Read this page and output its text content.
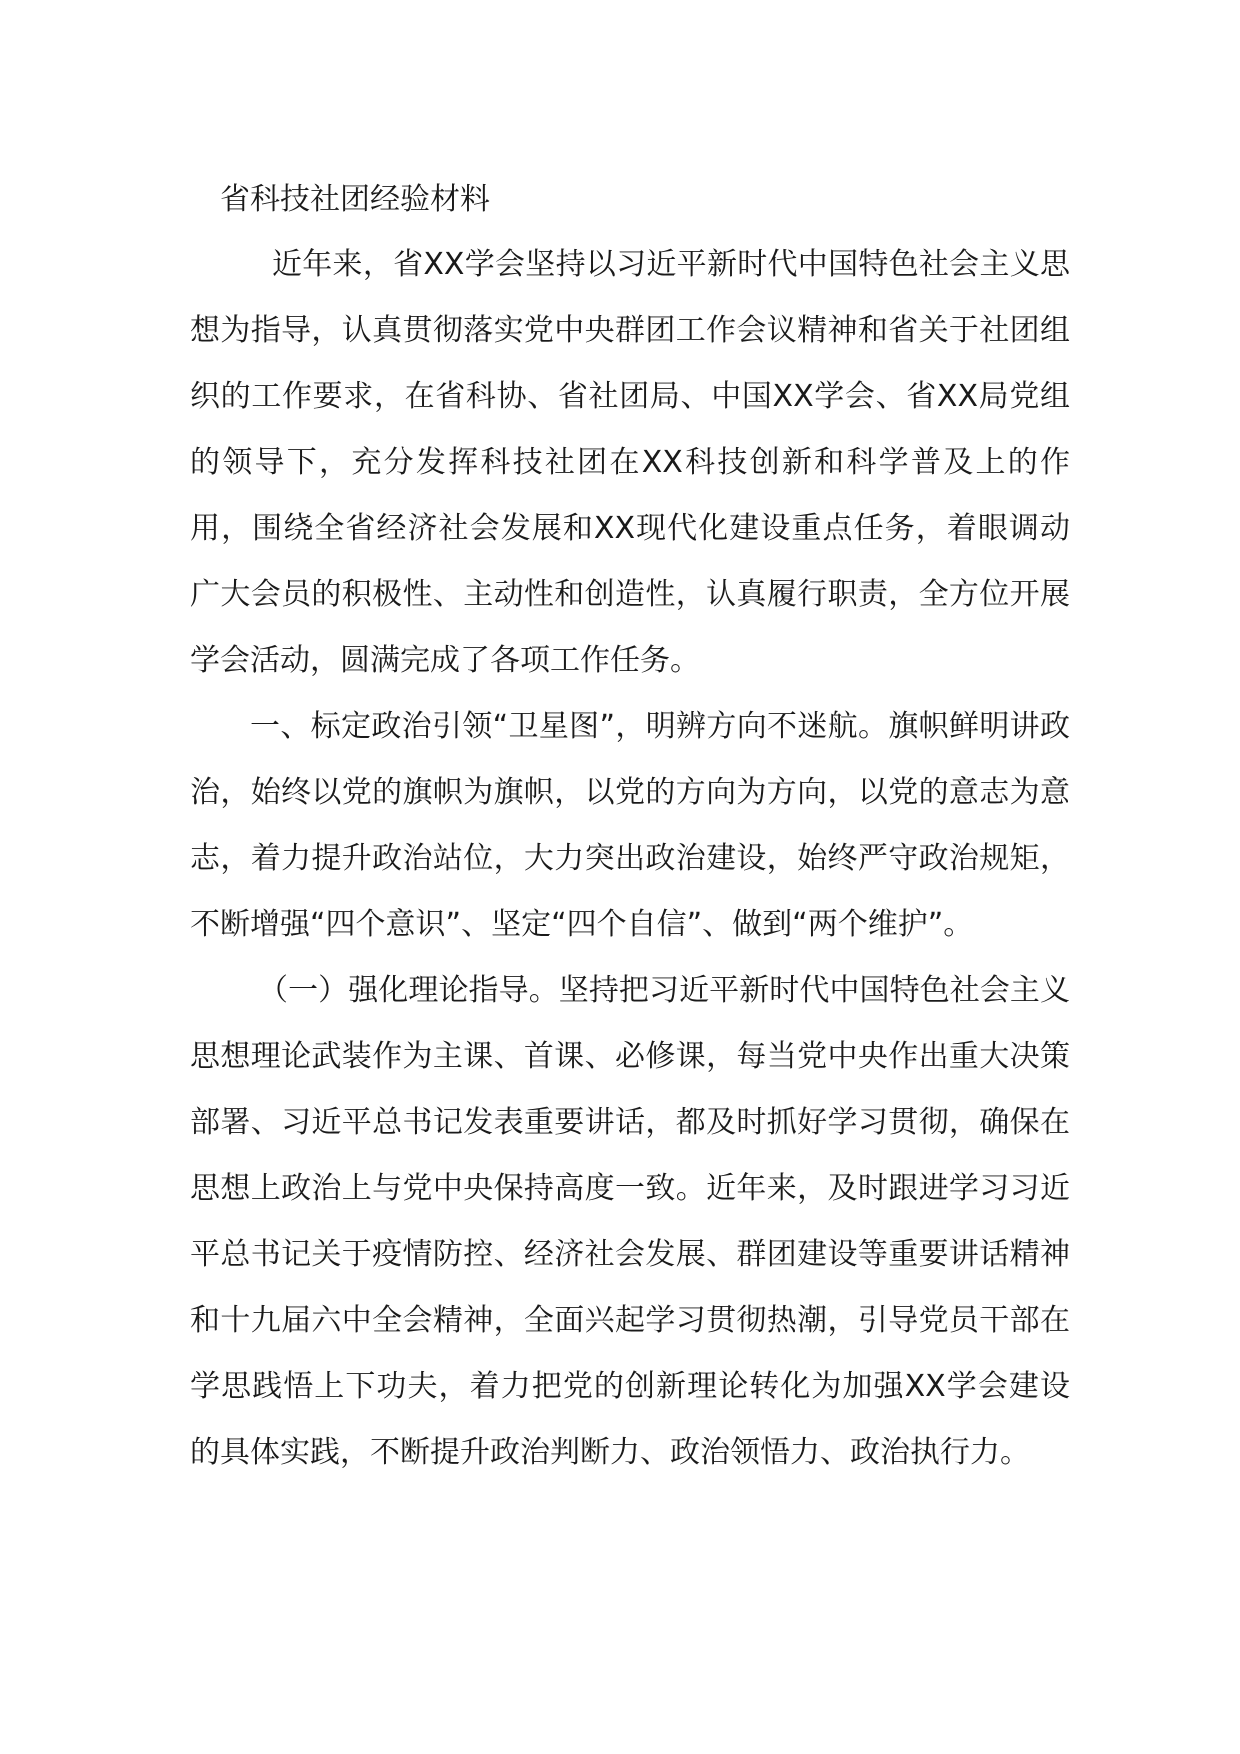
省科技社团经验材料

近年来，省XX学会坚持以习近平新时代中国特色社会主义思想为指导，认真贯彻落实党中央群团工作会议精神和省关于社团组织的工作要求，在省科协、省社团局、中国XX学会、省XX局党组的领导下，充分发挥科技社团在XX科技创新和科学普及上的作用，围绕全省经济社会发展和XX现代化建设重点任务，着眼调动广大会员的积极性、主动性和创造性，认真履行职责，全方位开展学会活动，圆满完成了各项工作任务。

一、标定政治引领“卫星图”，明辨方向不迷航。旗帜鲜明讲政治，始终以党的旗帜为旗帜，以党的方向为方向，以党的意志为意志，着力提升政治站位，大力突出政治建设，始终严守政治规矩，不断增强“四个意识”、坚定“四个自信”、做到“两个维护”。

（一）强化理论指导。坚持把习近平新时代中国特色社会主义思想理论武装作为主课、首课、必修课，每当党中央作出重大决策部署、习近平总书记发表重要讲话，都及时抓好学习贯彻，确保在思想上政治上与党中央保持高度一致。近年来，及时跟进学习习近平总书记关于疫情防控、经济社会发展、群团建设等重要讲话精神和十九届六中全会精神，全面兴起学习贯彻热潮，引导党员干部在学思践悟上下功夫，着力把党的创新理论转化为加强XX学会建设的具体实践，不断提升政治判断力、政治领悟力、政治执行力。
